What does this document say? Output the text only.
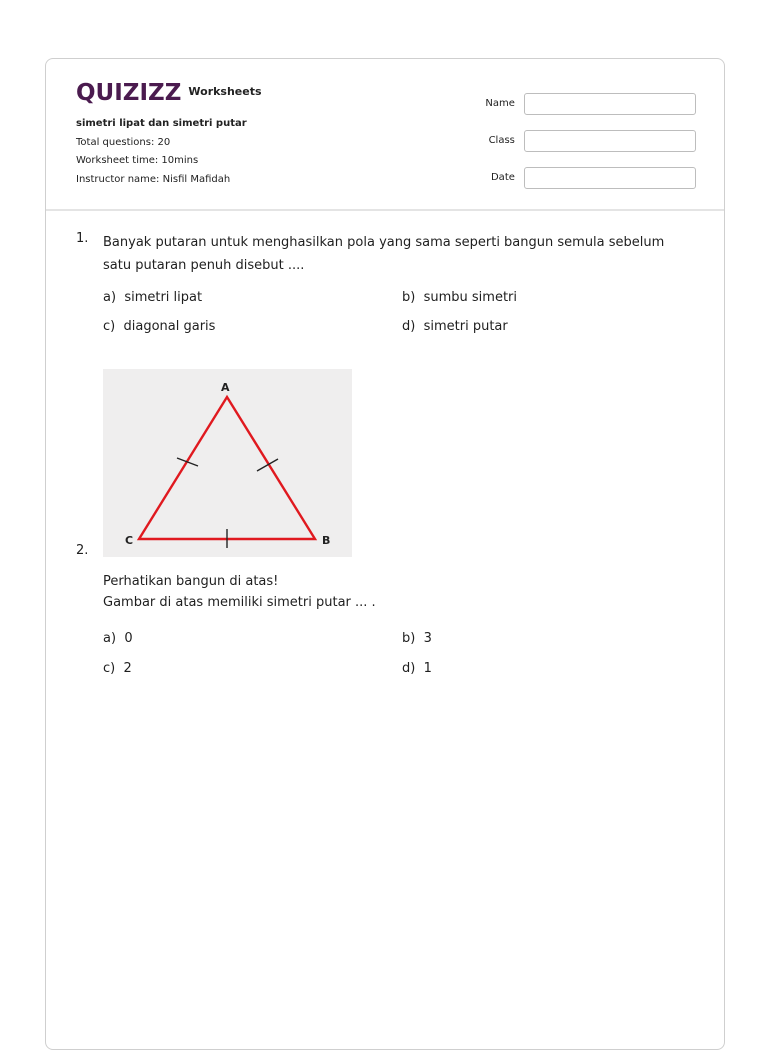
QUIZIZZ Worksheets
simetri lipat dan simetri putar
Total questions: 20
Worksheet time: 10mins
Instructor name: Nisfil Mafidah
Name
Class
Date
1. Banyak putaran untuk menghasilkan pola yang sama seperti bangun semula sebelum satu putaran penuh disebut ....
a) simetri lipat	b) sumbu simetri
c) diagonal garis	d) simetri putar
A
B
C
2.
Perhatikan bangun di atas!
Gambar di atas memiliki simetri putar ... .
a) 0	b) 3
c) 2	d) 1
